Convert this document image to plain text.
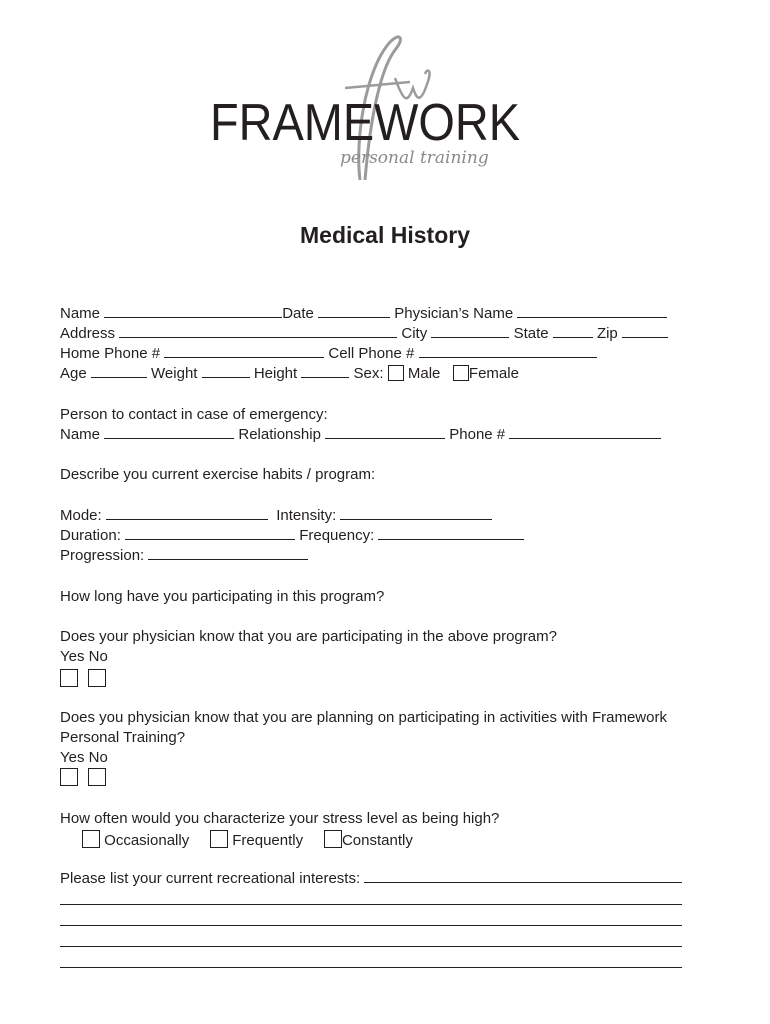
FRAMEWORK
personal training
Medical History
Name	Date	Physician’s Name
Address	City	State	Zip
Home Phone #	Cell Phone #
Age	Weight	Height	Sex: Male Female
Person to contact in case of emergency:
Name	Relationship	Phone #
Describe you current exercise habits / program:
Mode:	Intensity:
Duration:	Frequency:
Progression:
How long have you participating in this program?
Does your physician know that you are participating in the above program?
Yes No
Does you physician know that you are planning on participating in activities with Framework
Personal Training?
Yes No
How often would you characterize your stress level as being high?
Occasionally	Frequently	Constantly
Please list your current recreational interests:
